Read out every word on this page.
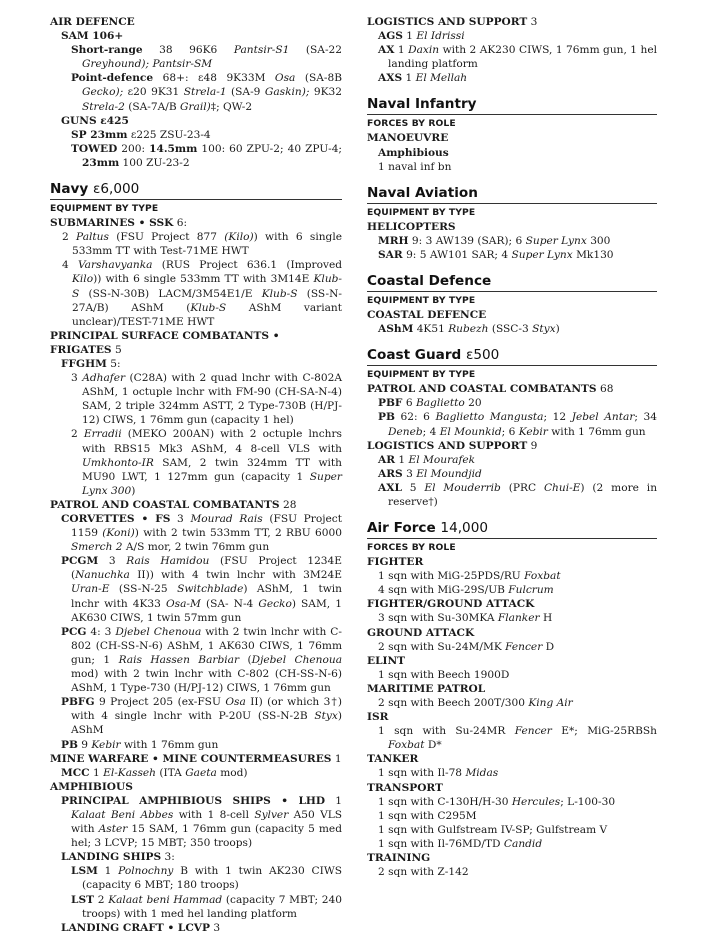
AIR DEFENCE
SAM 106+
Short-range 38 96K6 Pantsir-S1 (SA-22 Greyhound); Pantsir-SM
Point-defence 68+: ε48 9K33M Osa (SA-8B Gecko); ε20 9K31 Strela-1 (SA-9 Gaskin); 9K32 Strela-2 (SA-7A/B Grail)‡; QW-2
GUNS ε425
SP 23mm ε225 ZSU-23-4
TOWED 200: 14.5mm 100: 60 ZPU-2; 40 ZPU-4; 23mm 100 ZU-23-2
Navy ε6,000
EQUIPMENT BY TYPE
SUBMARINES • SSK 6:
2 Paltus (FSU Project 877 (Kilo)) with 6 single 533mm TT with Test-71ME HWT
4 Varshavyanka (RUS Project 636.1 (Improved Kilo)) with 6 single 533mm TT with 3M14E Klub-S (SS-N-30B) LACM/3M54E1/E Klub-S (SS-N-27A/B) AShM (Klub-S AShM variant unclear)/TEST-71ME HWT
PRINCIPAL SURFACE COMBATANTS • FRIGATES 5
FFGHM 5:
3 Adhafer (C28A) with 2 quad lnchr with C-802A AShM, 1 octuple lnchr with FM-90 (CH-SA-N-4) SAM, 2 triple 324mm ASTT, 2 Type-730B (H/PJ-12) CIWS, 1 76mm gun (capacity 1 hel)
2 Erradii (MEKO 200AN) with 2 octuple lnchrs with RBS15 Mk3 AShM, 4 8-cell VLS with Umkhonto-IR SAM, 2 twin 324mm TT with MU90 LWT, 1 127mm gun (capacity 1 Super Lynx 300)
PATROL AND COASTAL COMBATANTS 28
CORVETTES • FS 3 Mourad Rais (FSU Project 1159 (Koni)) with 2 twin 533mm TT, 2 RBU 6000 Smerch 2 A/S mor, 2 twin 76mm gun
PCGM 3 Rais Hamidou (FSU Project 1234E (Nanuchka II)) with 4 twin lnchr with 3M24E Uran-E (SS-N-25 Switchblade) AShM, 1 twin lnchr with 4K33 Osa-M (SA- N-4 Gecko) SAM, 1 AK630 CIWS, 1 twin 57mm gun
PCG 4: 3 Djebel Chenoua with 2 twin lnchr with C-802 (CH-SS-N-6) AShM, 1 AK630 CIWS, 1 76mm gun; 1 Rais Hassen Barbiar (Djebel Chenoua mod) with 2 twin lnchr with C-802 (CH-SS-N-6) AShM, 1 Type-730 (H/PJ-12) CIWS, 1 76mm gun
PBFG 9 Project 205 (ex-FSU Osa II) (or which 3†) with 4 single lnchr with P-20U (SS-N-2B Styx) AShM
PB 9 Kebir with 1 76mm gun
MINE WARFARE • MINE COUNTERMEASURES 1
MCC 1 El-Kasseh (ITA Gaeta mod)
AMPHIBIOUS
PRINCIPAL AMPHIBIOUS SHIPS • LHD 1 Kalaat Beni Abbes with 1 8-cell Sylver A50 VLS with Aster 15 SAM, 1 76mm gun (capacity 5 med hel; 3 LCVP; 15 MBT; 350 troops)
LANDING SHIPS 3:
LSM 1 Polnochny B with 1 twin AK230 CIWS (capacity 6 MBT; 180 troops)
LST 2 Kalaat beni Hammad (capacity 7 MBT; 240 troops) with 1 med hel landing platform
LANDING CRAFT • LCVP 3
LOGISTICS AND SUPPORT 3
AGS 1 El Idrissi
AX 1 Daxin with 2 AK230 CIWS, 1 76mm gun, 1 hel landing platform
AXS 1 El Mellah
Naval Infantry
FORCES BY ROLE
MANOEUVRE
Amphibious
1 naval inf bn
Naval Aviation
EQUIPMENT BY TYPE
HELICOPTERS
MRH 9: 3 AW139 (SAR); 6 Super Lynx 300
SAR 9: 5 AW101 SAR; 4 Super Lynx Mk130
Coastal Defence
EQUIPMENT BY TYPE
COASTAL DEFENCE
AShM 4K51 Rubezh (SSC-3 Styx)
Coast Guard ε500
EQUIPMENT BY TYPE
PATROL AND COASTAL COMBATANTS 68
PBF 6 Baglietto 20
PB 62: 6 Baglietto Mangusta; 12 Jebel Antar; 34 Deneb; 4 El Mounkid; 6 Kebir with 1 76mm gun
LOGISTICS AND SUPPORT 9
AR 1 El Mourafek
ARS 3 El Moundjid
AXL 5 El Mouderrib (PRC Chui-E) (2 more in reserve†)
Air Force 14,000
FORCES BY ROLE
FIGHTER
1 sqn with MiG-25PDS/RU Foxbat
4 sqn with MiG-29S/UB Fulcrum
FIGHTER/GROUND ATTACK
3 sqn with Su-30MKA Flanker H
GROUND ATTACK
2 sqn with Su-24M/MK Fencer D
ELINT
1 sqn with Beech 1900D
MARITIME PATROL
2 sqn with Beech 200T/300 King Air
ISR
1 sqn with Su-24MR Fencer E*; MiG-25RBSh Foxbat D*
TANKER
1 sqn with Il-78 Midas
TRANSPORT
1 sqn with C-130H/H-30 Hercules; L-100-30
1 sqn with C295M
1 sqn with Gulfstream IV-SP; Gulfstream V
1 sqn with Il-76MD/TD Candid
TRAINING
2 sqn with Z-142
